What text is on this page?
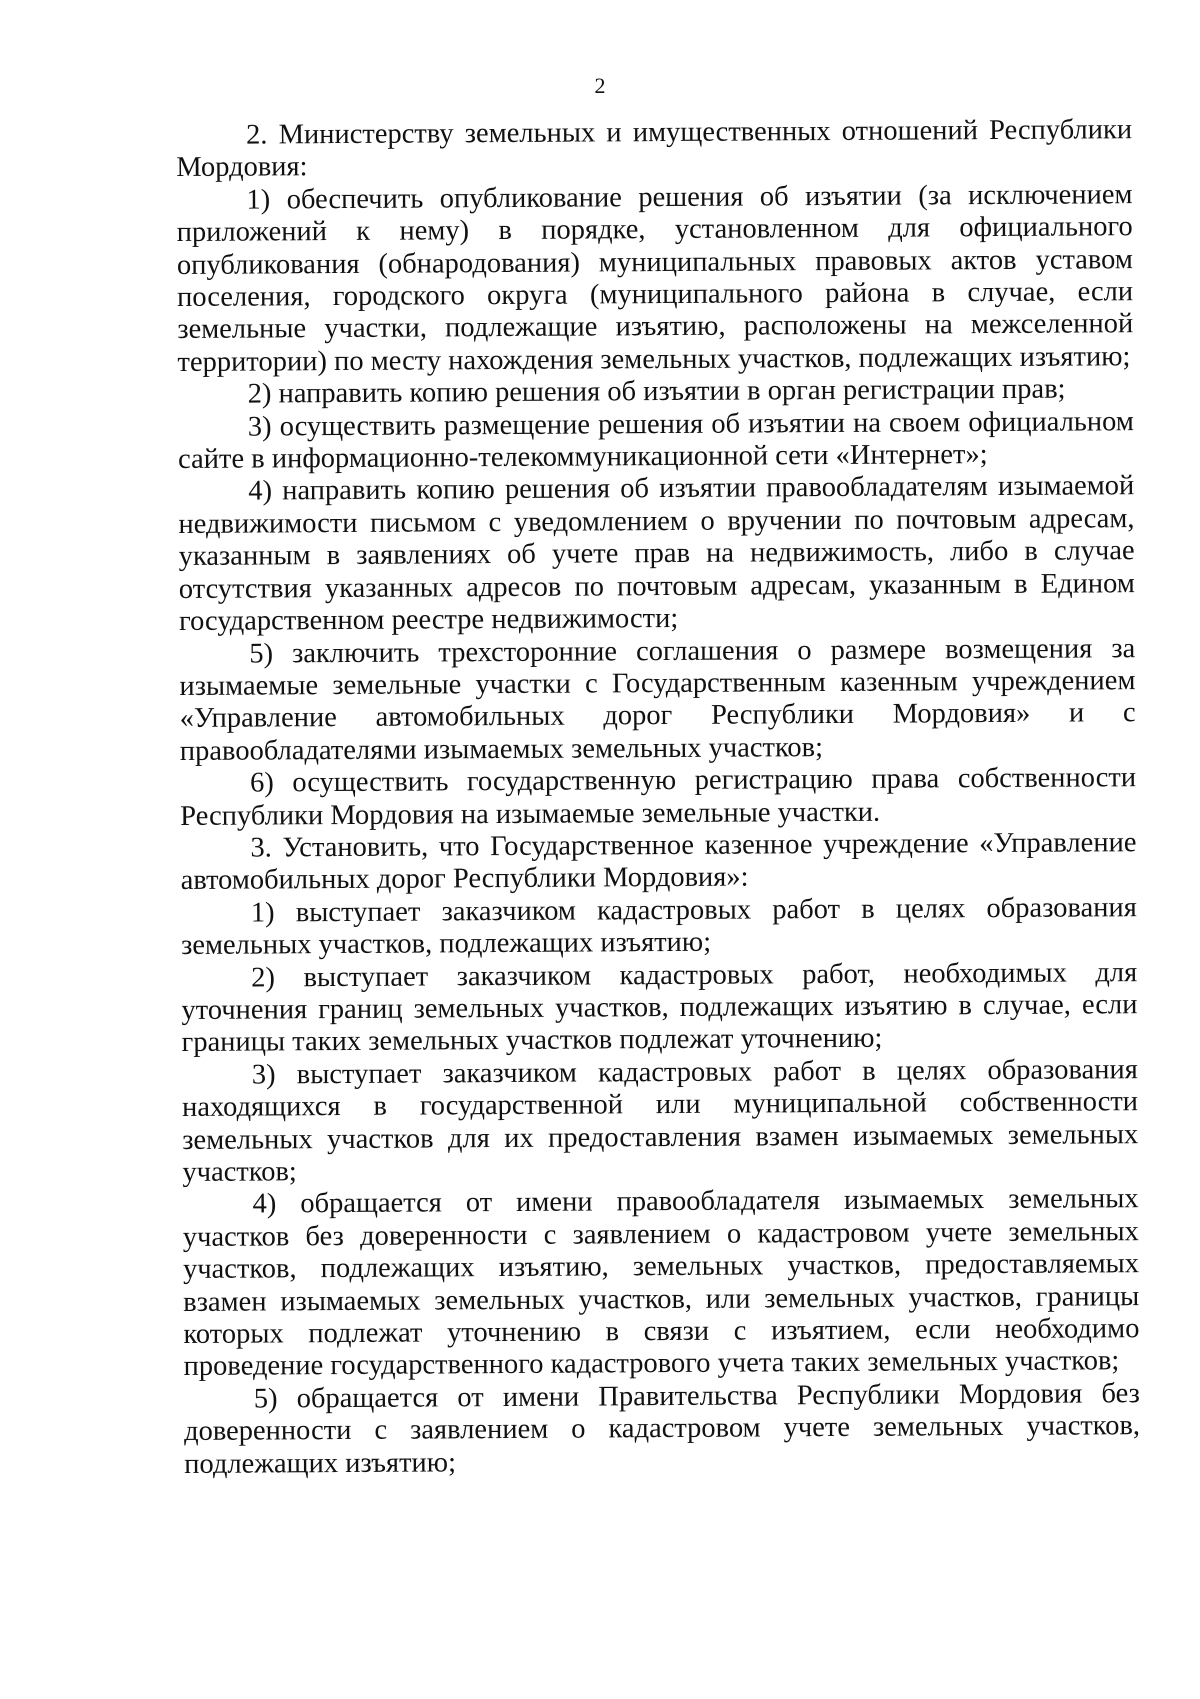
2

2. Министерству земельных и имущественных отношений Республики Мордовия:

1) обеспечить опубликование решения об изъятии (за исключением приложений к нему) в порядке, установленном для официального опубликования (обнародования) муниципальных правовых актов уставом поселения, городского округа (муниципального района в случае, если земельные участки, подлежащие изъятию, расположены на межселенной территории) по месту нахождения земельных участков, подлежащих изъятию;

2) направить копию решения об изъятии в орган регистрации прав;

3) осуществить размещение решения об изъятии на своем официальном сайте в информационно-телекоммуникационной сети «Интернет»;

4) направить копию решения об изъятии правообладателям изымаемой недвижимости письмом с уведомлением о вручении по почтовым адресам, указанным в заявлениях об учете прав на недвижимость, либо в случае отсутствия указанных адресов по почтовым адресам, указанным в Едином государственном реестре недвижимости;

5) заключить трехсторонние соглашения о размере возмещения за изымаемые земельные участки с Государственным казенным учреждением «Управление автомобильных дорог Республики Мордовия» и с правообладателями изымаемых земельных участков;

6) осуществить государственную регистрацию права собственности Республики Мордовия на изымаемые земельные участки.

3. Установить, что Государственное казенное учреждение «Управление автомобильных дорог Республики Мордовия»:

1) выступает заказчиком кадастровых работ в целях образования земельных участков, подлежащих изъятию;

2) выступает заказчиком кадастровых работ, необходимых для уточнения границ земельных участков, подлежащих изъятию в случае, если границы таких земельных участков подлежат уточнению;

3) выступает заказчиком кадастровых работ в целях образования находящихся в государственной или муниципальной собственности земельных участков для их предоставления взамен изымаемых земельных участков;

4) обращается от имени правообладателя изымаемых земельных участков без доверенности с заявлением о кадастровом учете земельных участков, подлежащих изъятию, земельных участков, предоставляемых взамен изымаемых земельных участков, или земельных участков, границы которых подлежат уточнению в связи с изъятием, если необходимо проведение государственного кадастрового учета таких земельных участков;

5) обращается от имени Правительства Республики Мордовия без доверенности с заявлением о кадастровом учете земельных участков, подлежащих изъятию;
